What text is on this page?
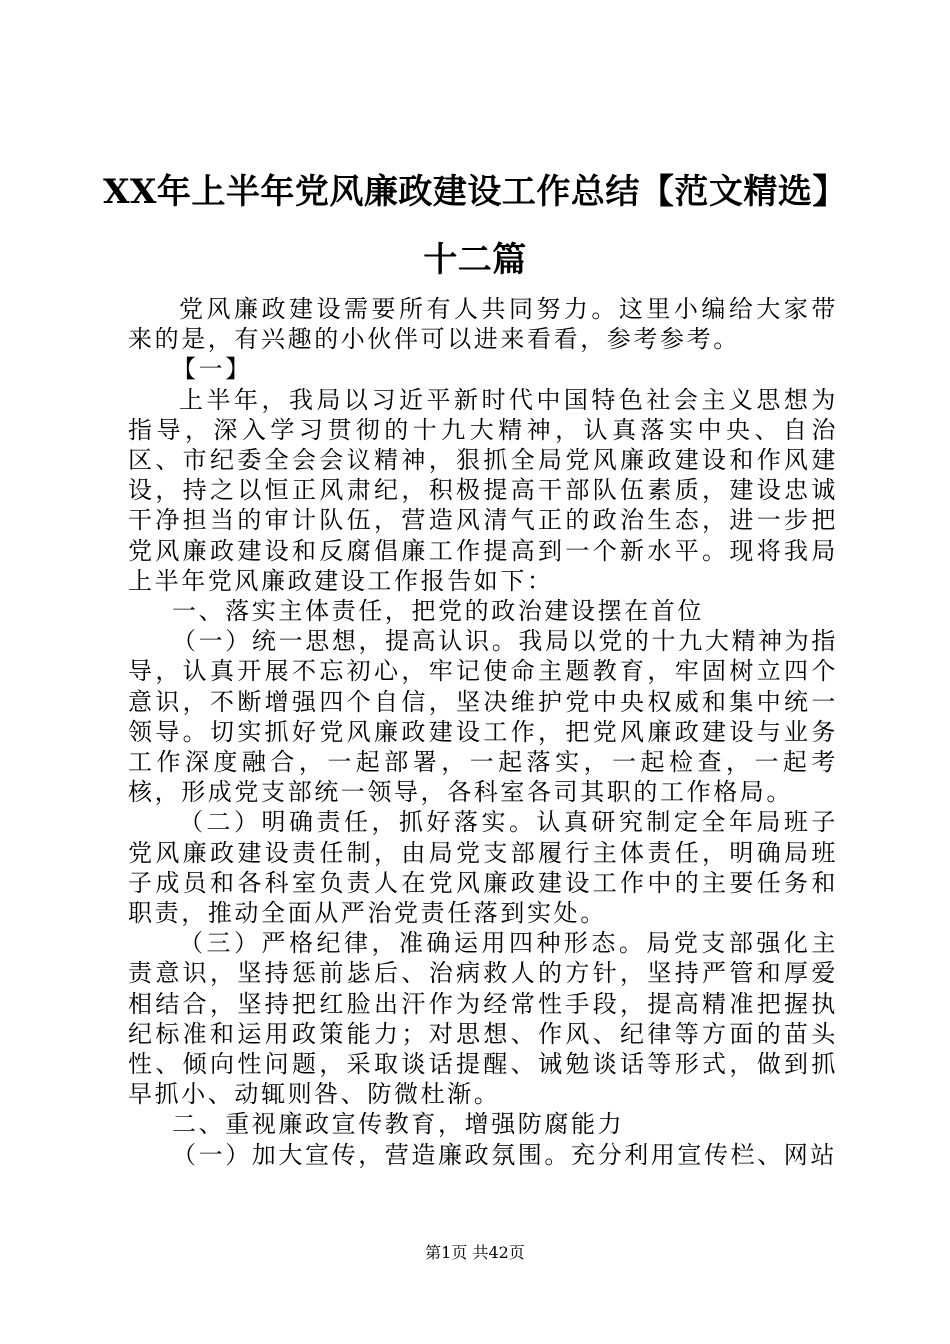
XX年上半年党风廉政建设工作总结【范文精选】十二篇

党风廉政建设需要所有人共同努力。这里小编给大家带来的是，有兴趣的小伙伴可以进来看看，参考参考。

【一】

上半年，我局以习近平新时代中国特色社会主义思想为指导，深入学习贯彻的十九大精神，认真落实中央、自治区、市纪委全会会议精神，狠抓全局党风廉政建设和作风建设，持之以恒正风肃纪，积极提高干部队伍素质，建设忠诚干净担当的审计队伍，营造风清气正的政治生态，进一步把党风廉政建设和反腐倡廉工作提高到一个新水平。现将我局上半年党风廉政建设工作报告如下：

一、落实主体责任，把党的政治建设摆在首位

（一）统一思想，提高认识。我局以党的十九大精神为指导，认真开展不忘初心，牢记使命主题教育，牢固树立四个意识，不断增强四个自信，坚决维护党中央权威和集中统一领导。切实抓好党风廉政建设工作，把党风廉政建设与业务工作深度融合，一起部署，一起落实，一起检查，一起考核，形成党支部统一领导，各科室各司其职的工作格局。

（二）明确责任，抓好落实。认真研究制定全年局班子党风廉政建设责任制，由局党支部履行主体责任，明确局班子成员和各科室负责人在党风廉政建设工作中的主要任务和职责，推动全面从严治党责任落到实处。

（三）严格纪律，准确运用四种形态。局党支部强化主责意识，坚持惩前毖后、治病救人的方针，坚持严管和厚爱相结合，坚持把红脸出汗作为经常性手段，提高精准把握执纪标准和运用政策能力；对思想、作风、纪律等方面的苗头性、倾向性问题，采取谈话提醒、诫勉谈话等形式，做到抓早抓小、动辄则咎、防微杜渐。

二、重视廉政宣传教育，增强防腐能力

（一）加大宣传，营造廉政氛围。充分利用宣传栏、网站

第1页 共42页
